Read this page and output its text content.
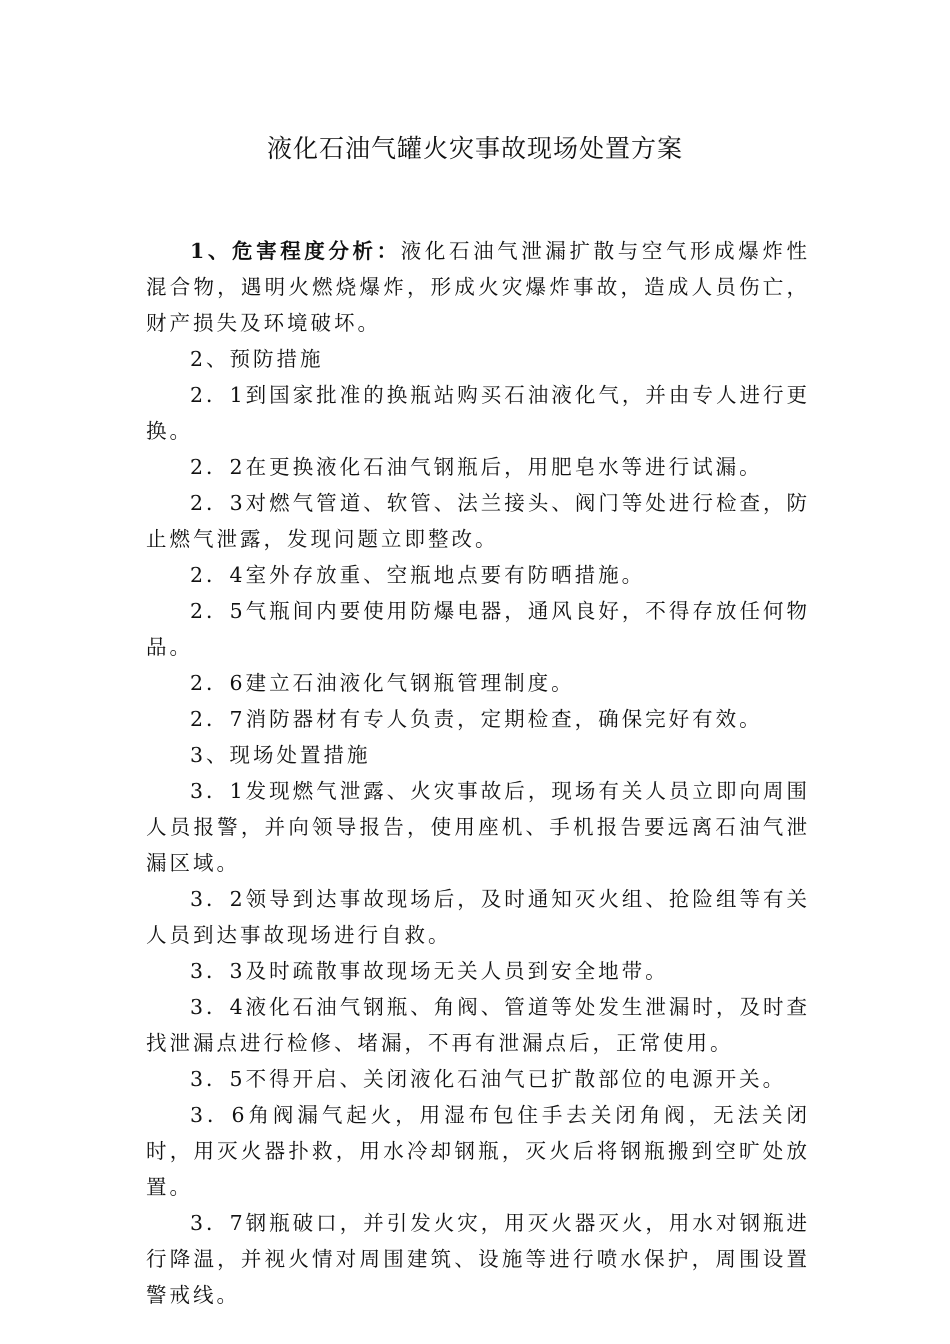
液化石油气罐火灾事故现场处置方案

1、危害程度分析：液化石油气泄漏扩散与空气形成爆炸性混合物，遇明火燃烧爆炸，形成火灾爆炸事故，造成人员伤亡，财产损失及环境破坏。

2、预防措施

2．1到国家批准的换瓶站购买石油液化气，并由专人进行更换。

2．2在更换液化石油气钢瓶后，用肥皂水等进行试漏。

2．3对燃气管道、软管、法兰接头、阀门等处进行检查，防止燃气泄露，发现问题立即整改。

2．4室外存放重、空瓶地点要有防晒措施。

2．5气瓶间内要使用防爆电器，通风良好，不得存放任何物品。

2．6建立石油液化气钢瓶管理制度。

2．7消防器材有专人负责，定期检查，确保完好有效。

3、现场处置措施

3．1发现燃气泄露、火灾事故后，现场有关人员立即向周围人员报警，并向领导报告，使用座机、手机报告要远离石油气泄漏区域。

3．2领导到达事故现场后，及时通知灭火组、抢险组等有关人员到达事故现场进行自救。

3．3及时疏散事故现场无关人员到安全地带。

3．4液化石油气钢瓶、角阀、管道等处发生泄漏时，及时查找泄漏点进行检修、堵漏，不再有泄漏点后，正常使用。

3．5不得开启、关闭液化石油气已扩散部位的电源开关。

3．6角阀漏气起火，用湿布包住手去关闭角阀，无法关闭时，用灭火器扑救，用水冷却钢瓶，灭火后将钢瓶搬到空旷处放置。

3．7钢瓶破口，并引发火灾，用灭火器灭火，用水对钢瓶进行降温，并视火情对周围建筑、设施等进行喷水保护，周围设置警戒线。
